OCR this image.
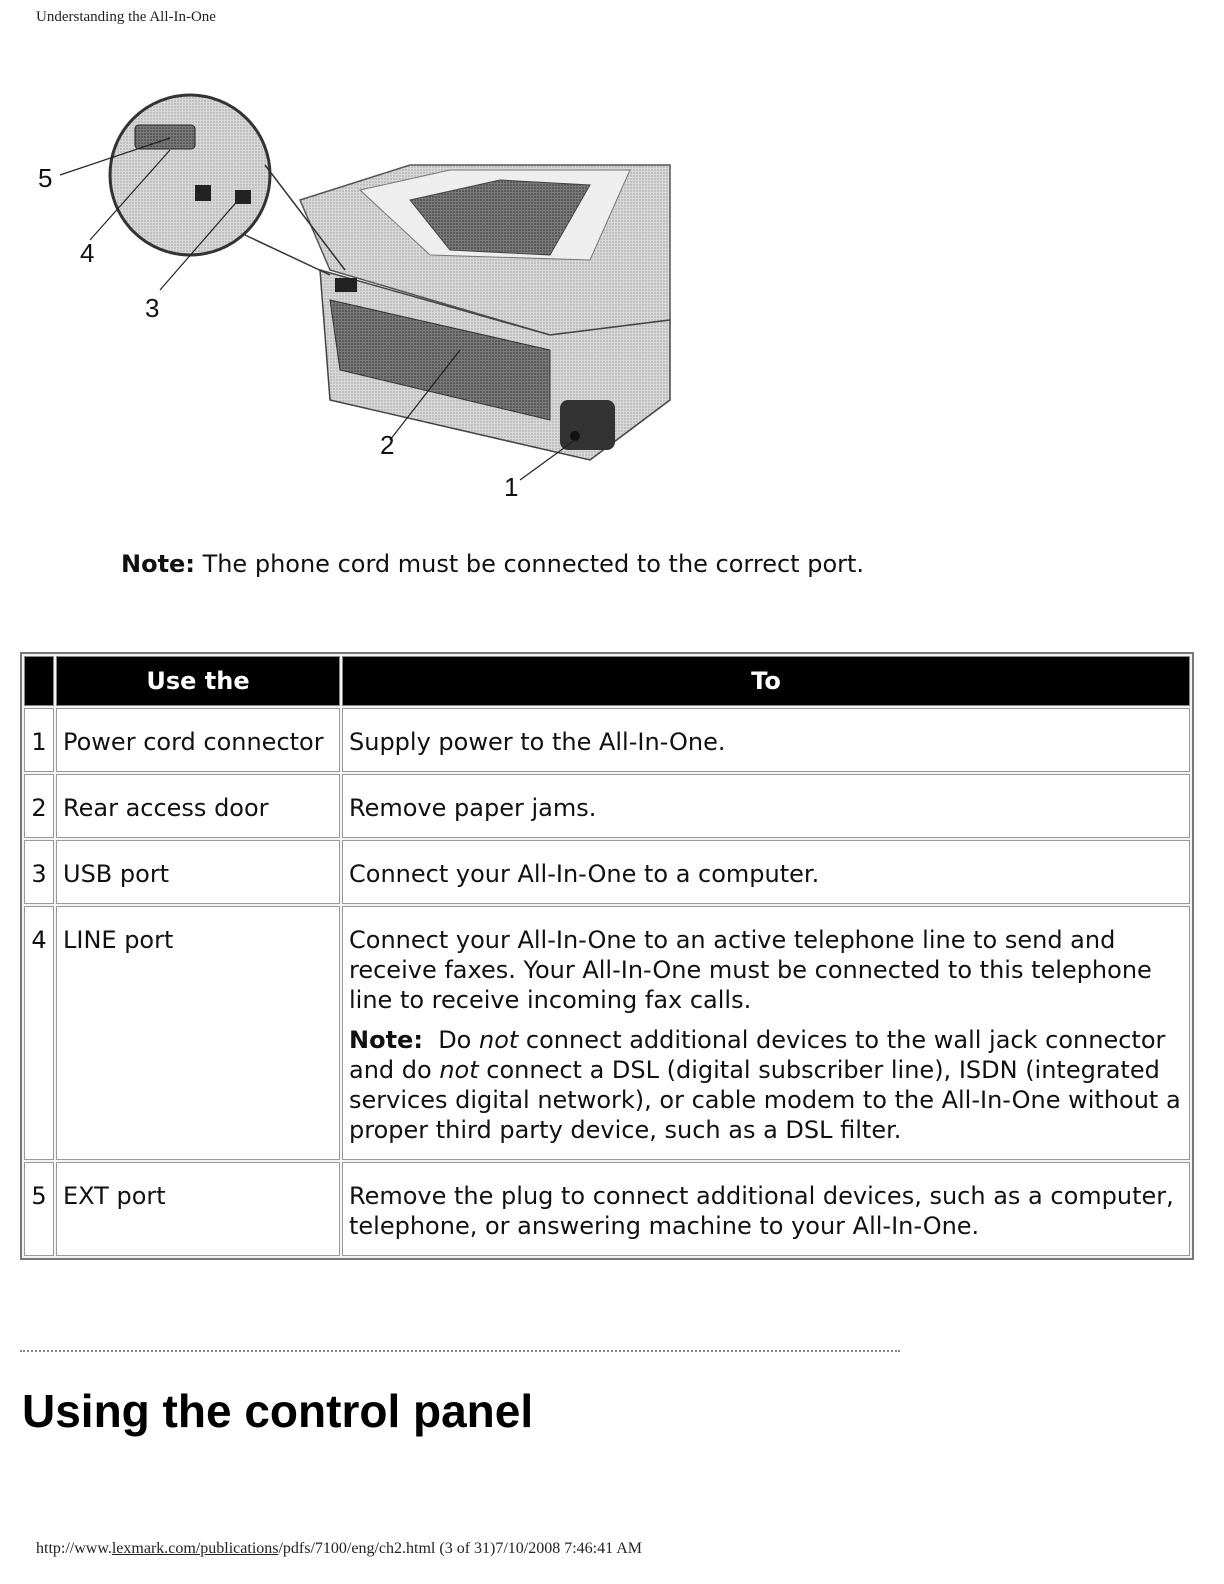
Understanding the All-In-One
5
4
3
2
1
Note: The phone cord must be connected to the correct port.
	Use the	To
1	Power cord connector	Supply power to the All-In-One.
2	Rear access door	Remove paper jams.
3	USB port	Connect your All-In-One to a computer.
4	LINE port	Connect your All-In-One to an active telephone line to send and receive faxes. Your All-In-One must be connected to this telephone line to receive incoming fax calls.

Note: Do not connect additional devices to the wall jack connector and do not connect a DSL (digital subscriber line), ISDN (integrated services digital network), or cable modem to the All-In-One without a proper third party device, such as a DSL filter.

5	EXT port	Remove the plug to connect additional devices, such as a computer, telephone, or answering machine to your All-In-One.
Using the control panel
http://www.lexmark.com/publications/pdfs/7100/eng/ch2.html (3 of 31)7/10/2008 7:46:41 AM
